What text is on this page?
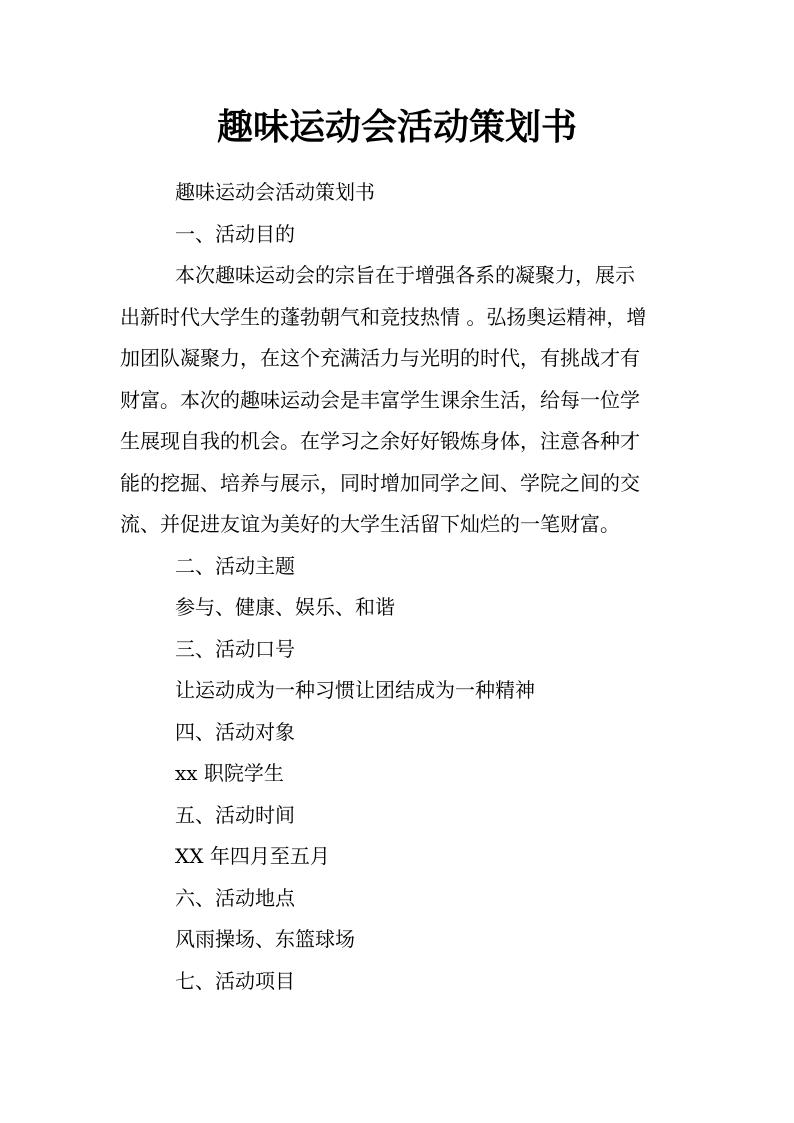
趣味运动会活动策划书
趣味运动会活动策划书
一、活动目的
本次趣味运动会的宗旨在于增强各系的凝聚力，展示
出新时代大学生的蓬勃朝气和竞技热情 。弘扬奥运精神，增
加团队凝聚力，在这个充满活力与光明的时代，有挑战才有
财富。本次的趣味运动会是丰富学生课余生活，给每一位学
生展现自我的机会。在学习之余好好锻炼身体，注意各种才
能的挖掘、培养与展示，同时增加同学之间、学院之间的交
流、并促进友谊为美好的大学生活留下灿烂的一笔财富。
二、活动主题
参与、健康、娱乐、和谐
三、活动口号
让运动成为一种习惯让团结成为一种精神
四、活动对象
xx 职院学生
五、活动时间
XX 年四月至五月
六、活动地点
风雨操场、东篮球场
七、活动项目
